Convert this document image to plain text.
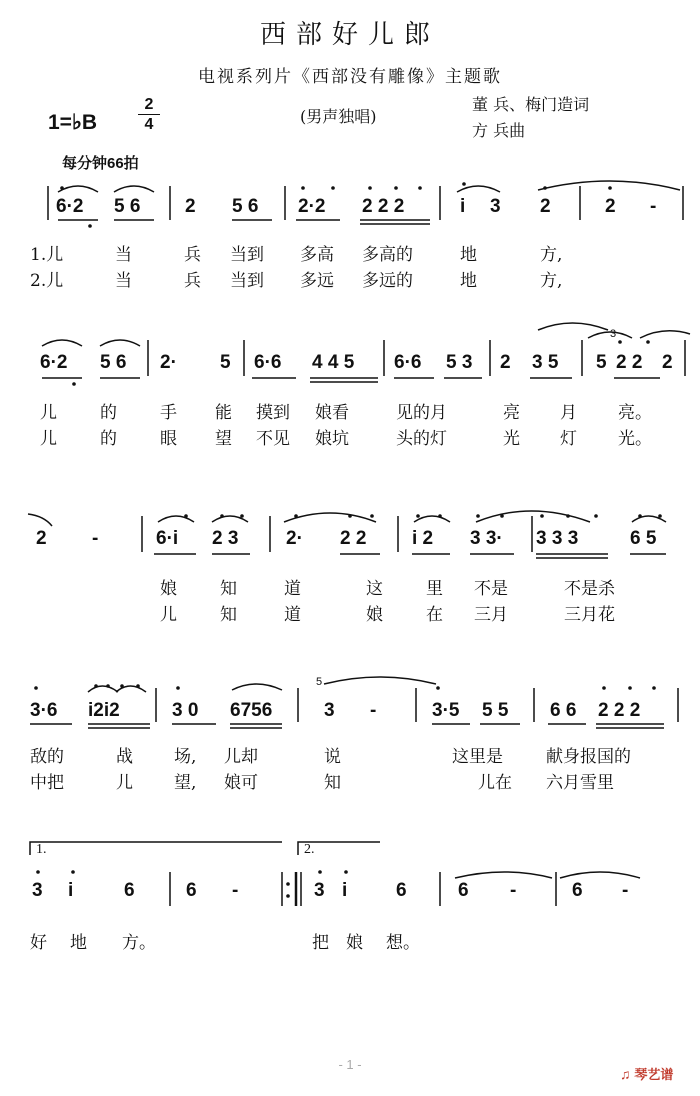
西部好儿郎
电视系列片《西部没有雕像》主题歌
1=♭B
2
4	(男声独唱)
董 兵、梅门造词
方 兵曲
每分钟66拍
6·2 5 6 2 5 6 2·2 2 2 2	i 3 2	2 -
1.儿	当	兵 当到 多高 多高的	地	方,
2.儿	当	兵 当到 多远 多远的	地	方,
3
6·2 5 6 2· 5 6·6 4 4 5 6·6 5 3 2 3 5 5 2 2 2
儿	的	手 能 摸到 娘看	见的月	亮 月 亮。
儿	的	眼 望 不见 娘坑	头的灯	光 灯 光。
2 -	6·i 2 3	2· 2 2 i 2 3 3· 3 3 3	6 5
娘	知	道	这	里 不是	不是杀
儿	知	道	娘	在 三月	三月花
5
3·6 i2i2	3 0 6756	3 -	3·5 5 5 6 6 2 2 2
敌的	战 场, 儿却	说	这里是	献身报国的
中把	儿 望, 娘可	知	儿在 六月雪里
1.	2.
3 i	6	6 -	3 i	6	6 -	6 -
好 地 方。	把 娘 想。
- 1 -
♫ 琴艺谱
